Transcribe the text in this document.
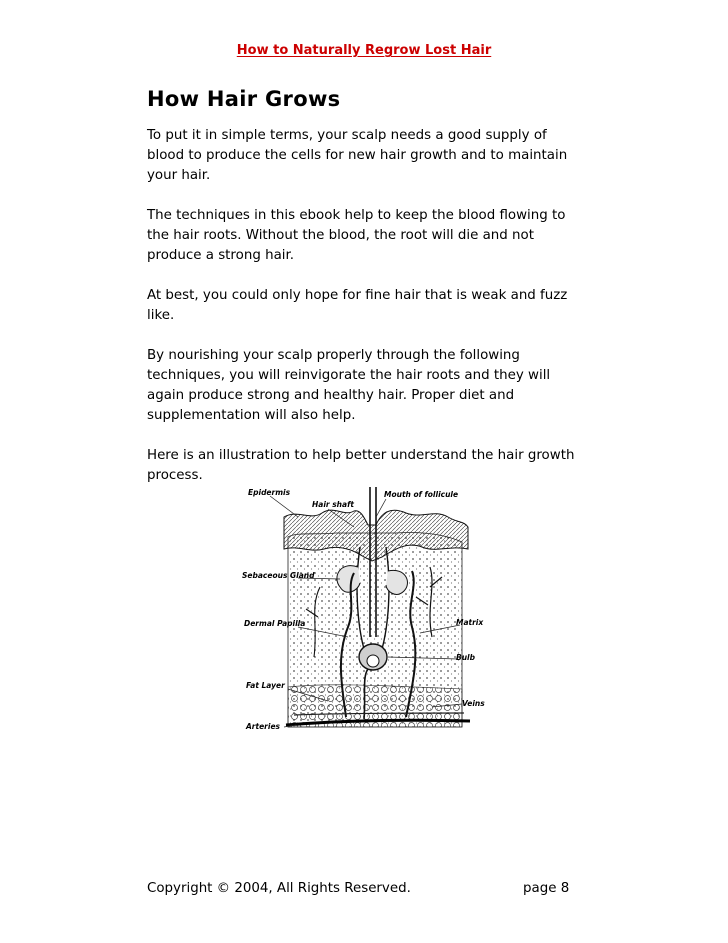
How to Naturally Regrow Lost Hair
How Hair Grows

To put it in simple terms, your scalp needs a good supply of blood to produce the cells for new hair growth and to maintain your hair.

The techniques in this ebook help to keep the blood flowing to the hair roots. Without the blood, the root will die and not produce a strong hair.

At best, you could only hope for fine hair that is weak and fuzz like.

By nourishing your scalp properly through the following techniques, you will reinvigorate the hair roots and they will again produce strong and healthy hair. Proper diet and supplementation will also help.

Here is an illustration to help better understand the hair growth process.

Epidermis
Hair shaft
Mouth of follicule
Sebaceous Gland
Dermal Papilla	Matrix
Bulb
Fat Layer
Veins
Arteries
Copyright © 2004, All Rights Reserved.	page 8
